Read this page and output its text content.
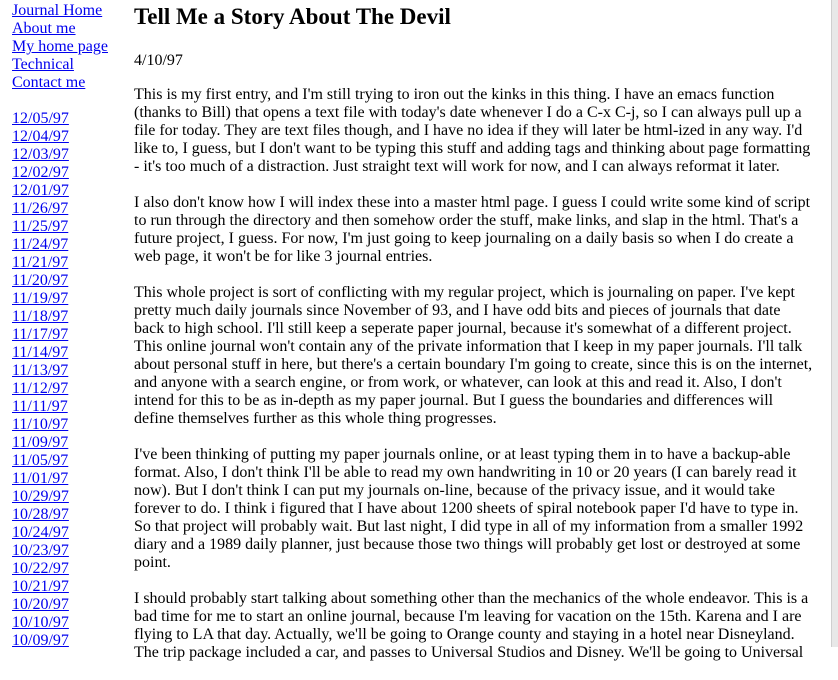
Journal Home
About me
My home page
Technical
Contact me
12/05/97
12/04/97
12/03/97
12/02/97
12/01/97
11/26/97
11/25/97
11/24/97
11/21/97
11/20/97
11/19/97
11/18/97
11/17/97
11/14/97
11/13/97
11/12/97
11/11/97
11/10/97
11/09/97
11/05/97
11/01/97
10/29/97
10/28/97
10/24/97
10/23/97
10/22/97
10/21/97
10/20/97
10/10/97
10/09/97
Tell Me a Story About The Devil
4/10/97

This is my first entry, and I'm still trying to iron out the kinks in this thing. I have an emacs function (thanks to Bill) that opens a text file with today's date whenever I do a C-x C-j, so I can always pull up a file for today. They are text files though, and I have no idea if they will later be html-ized in any way. I'd like to, I guess, but I don't want to be typing this stuff and adding tags and thinking about page formatting - it's too much of a distraction. Just straight text will work for now, and I can always reformat it later.

I also don't know how I will index these into a master html page. I guess I could write some kind of script to run through the directory and then somehow order the stuff, make links, and slap in the html. That's a future project, I guess. For now, I'm just going to keep journaling on a daily basis so when I do create a web page, it won't be for like 3 journal entries.

This whole project is sort of conflicting with my regular project, which is journaling on paper. I've kept pretty much daily journals since November of 93, and I have odd bits and pieces of journals that date back to high school. I'll still keep a seperate paper journal, because it's somewhat of a different project. This online journal won't contain any of the private information that I keep in my paper journals. I'll talk about personal stuff in here, but there's a certain boundary I'm going to create, since this is on the internet, and anyone with a search engine, or from work, or whatever, can look at this and read it. Also, I don't intend for this to be as in-depth as my paper journal. But I guess the boundaries and differences will define themselves further as this whole thing progresses.

I've been thinking of putting my paper journals online, or at least typing them in to have a backup-able format. Also, I don't think I'll be able to read my own handwriting in 10 or 20 years (I can barely read it now). But I don't think I can put my journals on-line, because of the privacy issue, and it would take forever to do. I think i figured that I have about 1200 sheets of spiral notebook paper I'd have to type in. So that project will probably wait. But last night, I did type in all of my information from a smaller 1992 diary and a 1989 daily planner, just because those two things will probably get lost or destroyed at some point.

I should probably start talking about something other than the mechanics of the whole endeavor. This is a bad time for me to start an online journal, because I'm leaving for vacation on the 15th. Karena and I are flying to LA that day. Actually, we'll be going to Orange county and staying in a hotel near Disneyland. The trip package included a car, and passes to Universal Studios and Disney. We'll be going to Universal
